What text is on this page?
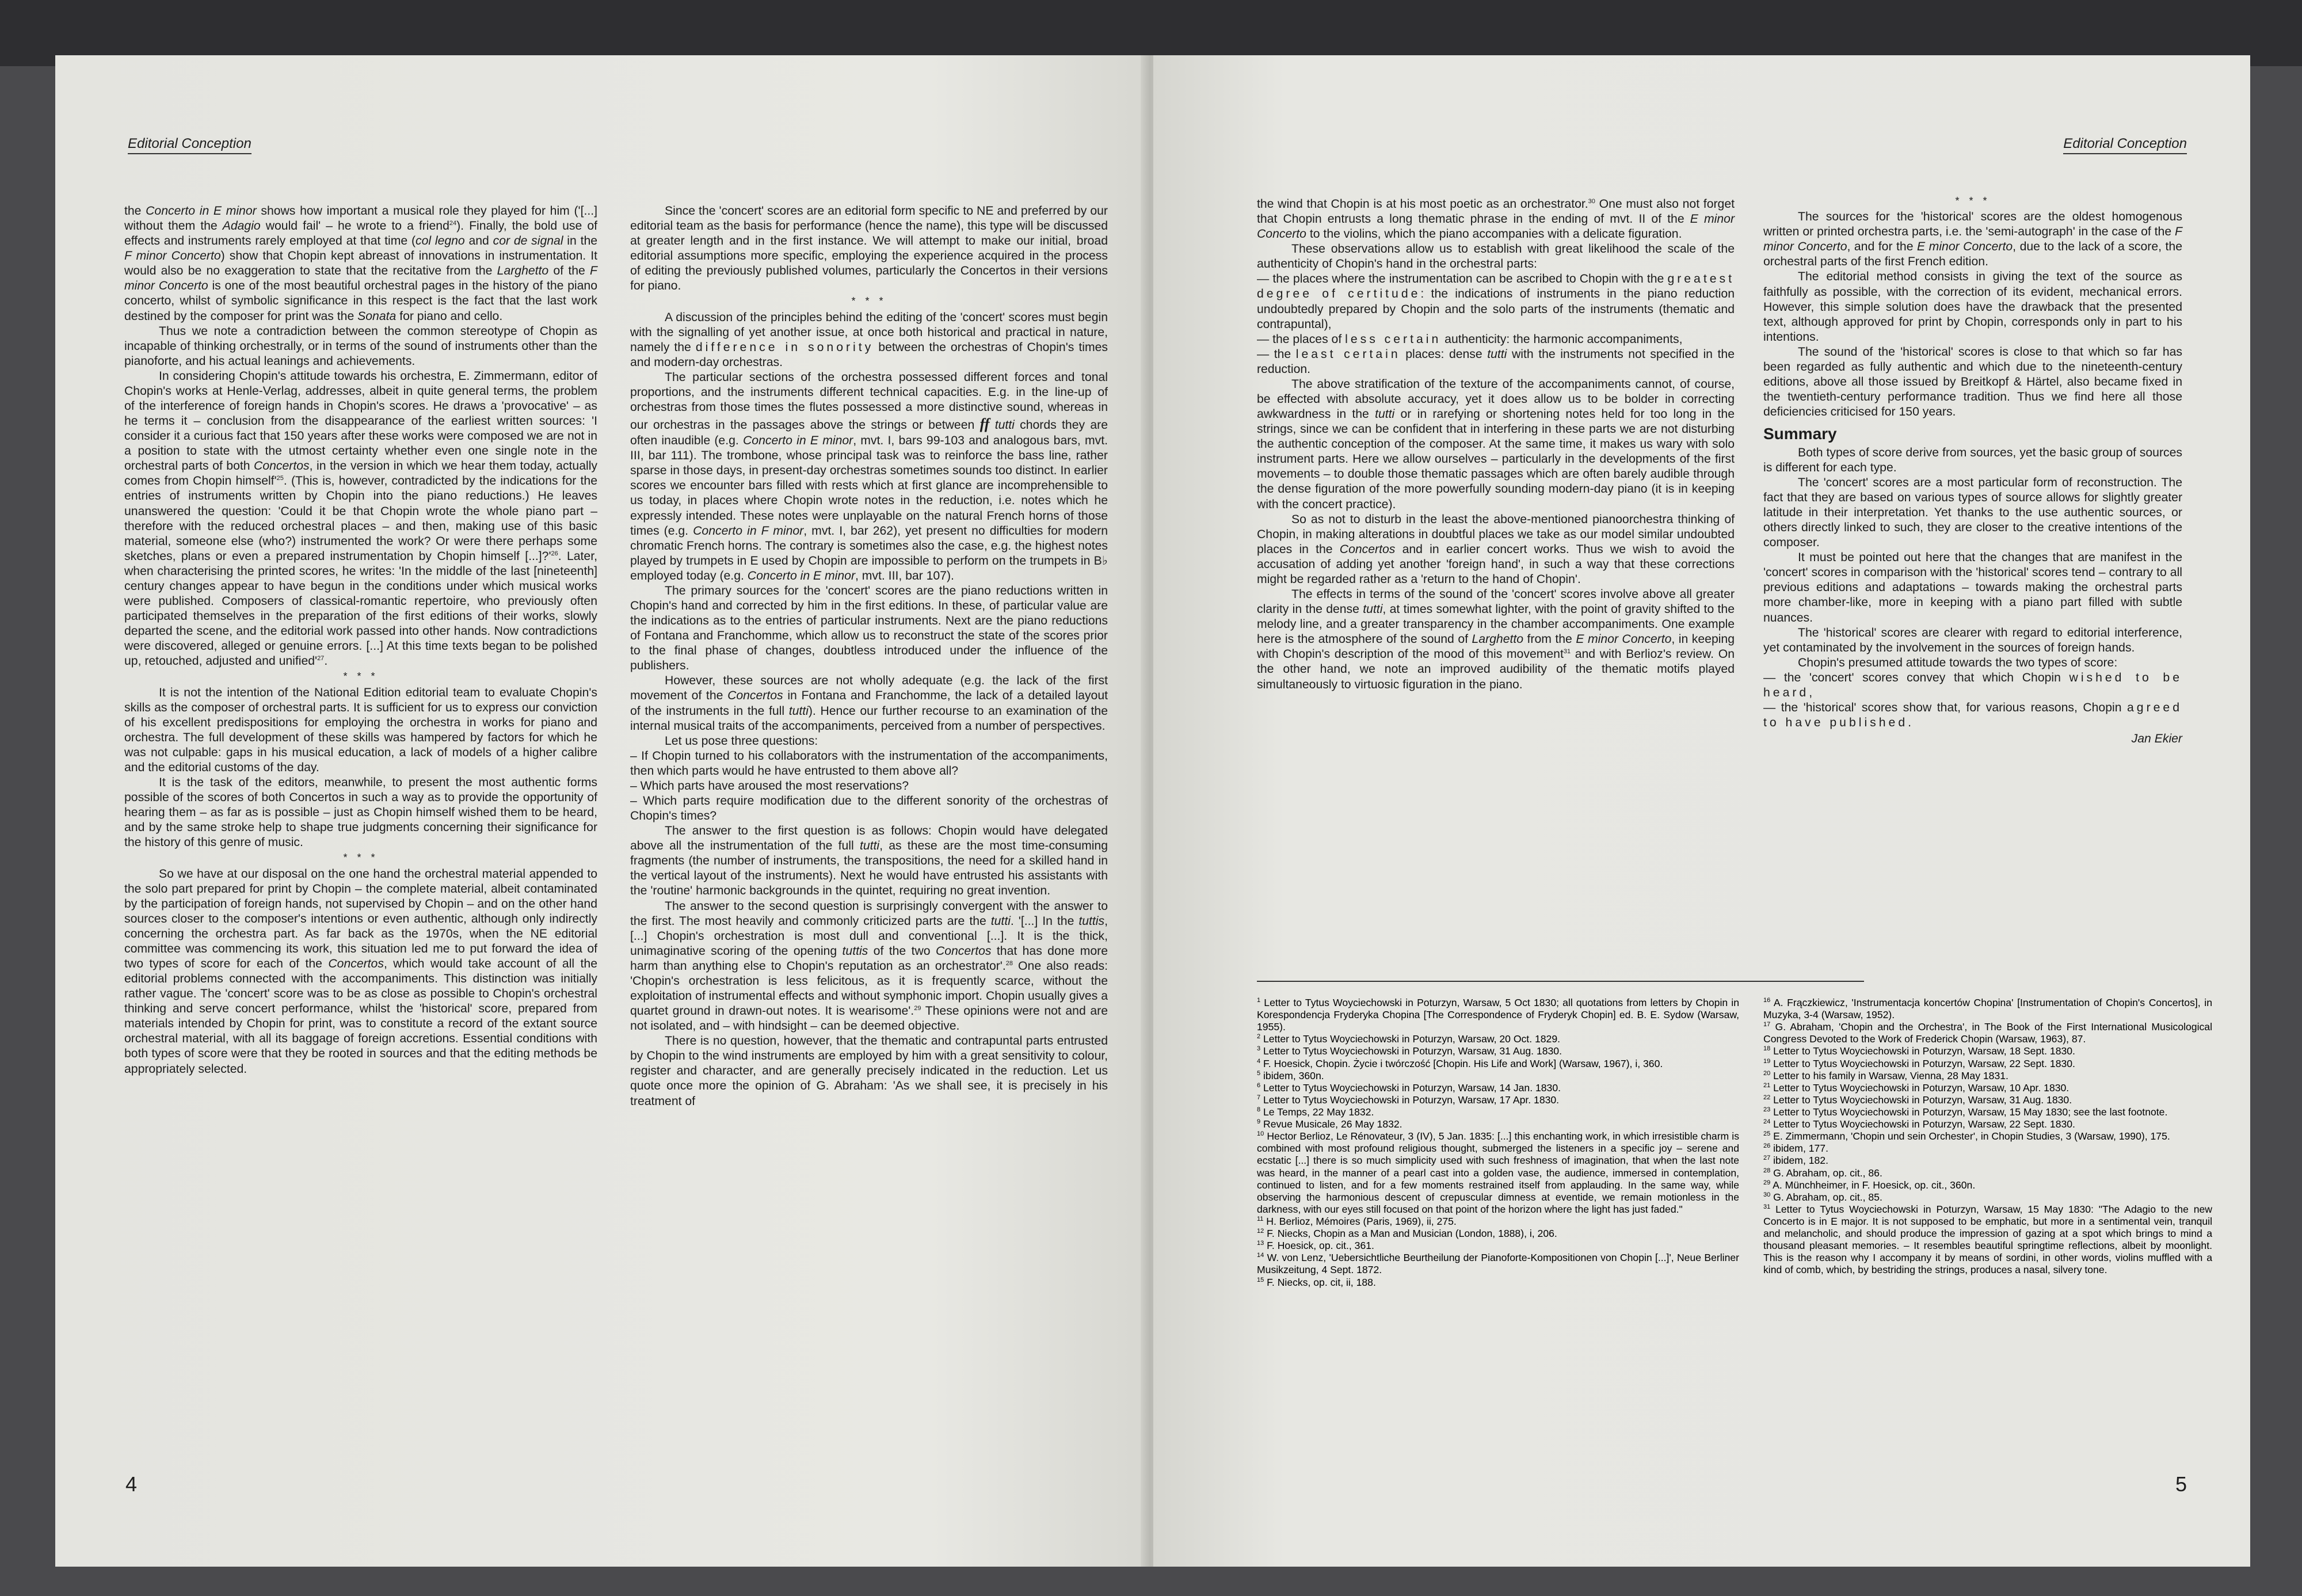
Editorial Conception

the Concerto in E minor shows how important a musical role they played for him ('[...] without them the Adagio would fail' – he wrote to a friend$^{24}$). Finally, the bold use of effects and instruments rarely employed at that time (col legno and cor de signal in the F minor Concerto) show that Chopin kept abreast of innovations in instrumentation. It would also be no exaggeration to state that the recitative from the Larghetto of the F minor Concerto is one of the most beautiful orchestral pages in the history of the piano concerto, whilst of symbolic significance in this respect is the fact that the last work destined by the composer for print was the Sonata for piano and cello.

Thus we note a contradiction between the common stereotype of Chopin as incapable of thinking orchestrally, or in terms of the sound of instruments other than the pianoforte, and his actual leanings and achievements.

In considering Chopin's attitude towards his orchestra, E. Zimmermann, editor of Chopin's works at Henle-Verlag, addresses, albeit in quite general terms, the problem of the interference of foreign hands in Chopin's scores. He draws a 'provocative' – as he terms it – conclusion from the disappearance of the earliest written sources: 'I consider it a curious fact that 150 years after these works were composed we are not in a position to state with the utmost certainty whether even one single note in the orchestral parts of both Concertos, in the version in which we hear them today, actually comes from Chopin $himself'^{25}$. (This is, however, contradicted by the indications for the entries of instruments written by Chopin into the piano reductions.) He leaves unanswered the question: 'Could it be that Chopin wrote the whole piano part – therefore with the reduced orchestral places – and then, making use of this basic material, someone else (who?) instrumented the work? Or were there perhaps some sketches, plans or even a prepared instrumentation by Chopin himself $[...]?'^{26}$. Later, when characterising the printed scores, he writes: 'In the middle of the last [nineteenth] century changes appear to have begun in the conditions under which musical works were published. Composers of classical-romantic repertoire, who previously often participated themselves in the preparation of the first editions of their works, slowly departed the scene, and the editorial work passed into other hands. Now contradictions were discovered, alleged or genuine errors. [...] At this time texts began to be polished up, retouched, adjusted and $unified'^{27}$.

* * *

It is not the intention of the National Edition editorial team to evaluate Chopin's skills as the composer of orchestral parts. It is sufficient for us to express our conviction of his excellent predispositions for employing the orchestra in works for piano and orchestra. The full development of these skills was hampered by factors for which he was not culpable: gaps in his musical education, a lack of models of a higher calibre and the editorial customs of the day.

It is the task of the editors, meanwhile, to present the most authentic forms possible of the scores of both Concertos in such a way as to provide the opportunity of hearing them – as far as is possible – just as Chopin himself wished them to be heard, and by the same stroke help to shape true judgments concerning their significance for the history of this genre of music.

* * *

So we have at our disposal on the one hand the orchestral material appended to the solo part prepared for print by Chopin – the complete material, albeit contaminated by the participation of foreign hands, not supervised by Chopin – and on the other hand sources closer to the composer's intentions or even authentic, although only indirectly concerning the orchestra part. As far back as the 1970s, when the NE editorial committee was commencing its work, this situation led me to put forward the idea of two types of score for each of the Concertos, which would take account of all the editorial problems connected with the accompaniments. This distinction was initially rather vague. The 'concert' score was to be as close as possible to Chopin's orchestral thinking and serve concert performance, whilst the 'historical' score, prepared from materials intended by Chopin for print, was to constitute a record of the extant source orchestral material, with all its baggage of foreign accretions. Essential conditions with both types of score were that they be rooted in sources and that the editing methods be appropriately selected.

Since the 'concert' scores are an editorial form specific to NE and preferred by our editorial team as the basis for performance (hence the name), this type will be discussed at greater length and in the first instance. We will attempt to make our initial, broad editorial assumptions more specific, employing the experience acquired in the process of editing the previously published volumes, particularly the Concertos in their versions for piano.

* * *

A discussion of the principles behind the editing of the 'concert' scores must begin with the signalling of yet another issue, at once both historical and practical in nature, namely the difference in sonority between the orchestras of Chopin's times and modern-day orchestras.

The particular sections of the orchestra possessed different forces and tonal proportions, and the instruments different technical capacities. E.g. in the line-up of orchestras from those times the flutes possessed a more distinctive sound, whereas in our orchestras in the passages above the strings or between ff tutti chords they are often inaudible (e.g. Concerto in E minor, mvt. I, bars 99-103 and analogous bars, mvt. III, bar 111). The trombone, whose principal task was to reinforce the bass line, rather sparse in those days, in present-day orchestras sometimes sounds too distinct. In earlier scores we encounter bars filled with rests which at first glance are incomprehensible to us today, in places where Chopin wrote notes in the reduction, i.e. notes which he expressly intended. These notes were unplayable on the natural French horns of those times (e.g. Concerto in F minor, mvt. I, bar 262), yet present no difficulties for modern chromatic French horns. The contrary is sometimes also the case, e.g. the highest notes played by trumpets in E used by Chopin are impossible to perform on the trumpets in B♭ employed today (e.g. Concerto in E minor, mvt. III, bar 107).

The primary sources for the 'concert' scores are the piano reductions written in Chopin's hand and corrected by him in the first editions. In these, of particular value are the indications as to the entries of particular instruments. Next are the piano reductions of Fontana and Franchomme, which allow us to reconstruct the state of the scores prior to the final phase of changes, doubtless introduced under the influence of the publishers.

However, these sources are not wholly adequate (e.g. the lack of the first movement of the Concertos in Fontana and Franchomme, the lack of a detailed layout of the instruments in the full tutti). Hence our further recourse to an examination of the internal musical traits of the accompaniments, perceived from a number of perspectives.

Let us pose three questions:

– If Chopin turned to his collaborators with the instrumentation of the accompaniments, then which parts would he have entrusted to them above all?

– Which parts have aroused the most reservations?

– Which parts require modification due to the different sonority of the orchestras of Chopin's times?

The answer to the first question is as follows: Chopin would have delegated above all the instrumentation of the full tutti, as these are the most time-consuming fragments (the number of instruments, the transpositions, the need for a skilled hand in the vertical layout of the instruments). Next he would have entrusted his assistants with the 'routine' harmonic backgrounds in the quintet, requiring no great invention.

The answer to the second question is surprisingly convergent with the answer to the first. The most heavily and commonly criticized parts are the tutti. '[...] In the tuttis, [...] Chopin's orchestration is most dull and conventional [...]. It is the thick, unimaginative scoring of the opening tuttis of the two Concertos that has done more harm than anything else to Chopin's reputation as an orchestrator'.$^{28}$ One also reads: 'Chopin's orchestration is less felicitous, as it is frequently scarce, without the exploitation of instrumental effects and without symphonic import. Chopin usually gives a quartet ground in drawn-out notes. It is wearisome'.$^{29}$ These opinions were not and are not isolated, and – with hindsight – can be deemed objective.

There is no question, however, that the thematic and contrapuntal parts entrusted by Chopin to the wind instruments are employed by him with a great sensitivity to colour, register and character, and are generally precisely indicated in the reduction. Let us quote once more the opinion of G. Abraham: 'As we shall see, it is precisely in his treatment of

4
Editorial Conception

the wind that Chopin is at his most poetic as an orchestrator.$^{30}$ One must also not forget that Chopin entrusts a long thematic phrase in the ending of mvt. II of the E minor Concerto to the violins, which the piano accompanies with a delicate figuration.

These observations allow us to establish with great likelihood the scale of the authenticity of Chopin's hand in the orchestral parts:

— the places where the instrumentation can be ascribed to Chopin with the greatest degree of certitude: the indications of instruments in the piano reduction undoubtedly prepared by Chopin and the solo parts of the instruments (thematic and contrapuntal),

— the places of less certain authenticity: the harmonic accompaniments,

— the least certain places: dense tutti with the instruments not specified in the reduction.

The above stratification of the texture of the accompaniments cannot, of course, be effected with absolute accuracy, yet it does allow us to be bolder in correcting awkwardness in the tutti or in rarefying or shortening notes held for too long in the strings, since we can be confident that in interfering in these parts we are not disturbing the authentic conception of the composer. At the same time, it makes us wary with solo instrument parts. Here we allow ourselves – particularly in the developments of the first movements – to double those thematic passages which are often barely audible through the dense figuration of the more powerfully sounding modern-day piano (it is in keeping with the concert practice).

So as not to disturb in the least the above-mentioned pianoorchestra thinking of Chopin, in making alterations in doubtful places we take as our model similar undoubted places in the Concertos and in earlier concert works. Thus we wish to avoid the accusation of adding yet another 'foreign hand', in such a way that these corrections might be regarded rather as a 'return to the hand of Chopin'.

The effects in terms of the sound of the 'concert' scores involve above all greater clarity in the dense tutti, at times somewhat lighter, with the point of gravity shifted to the melody line, and a greater transparency in the chamber accompaniments. One example here is the atmosphere of the sound of Larghetto from the E minor Concerto, in keeping with Chopin's description of the mood of this movement$^{31}$ and with Berlioz's review. On the other hand, we note an improved audibility of the thematic motifs played simultaneously to virtuosic figuration in the piano.

* * *

The sources for the 'historical' scores are the oldest homogenous written or printed orchestra parts, i.e. the 'semi-autograph' in the case of the F minor Concerto, and for the E minor Concerto, due to the lack of a score, the orchestral parts of the first French edition.

The editorial method consists in giving the text of the source as faithfully as possible, with the correction of its evident, mechanical errors. However, this simple solution does have the drawback that the presented text, although approved for print by Chopin, corresponds only in part to his intentions.

The sound of the 'historical' scores is close to that which so far has been regarded as fully authentic and which due to the nineteenth-century editions, above all those issued by Breitkopf & Härtel, also became fixed in the twentieth-century performance tradition. Thus we find here all those deficiencies criticised for 150 years.

Summary

Both types of score derive from sources, yet the basic group of sources is different for each type.

The 'concert' scores are a most particular form of reconstruction. The fact that they are based on various types of source allows for slightly greater latitude in their interpretation. Yet thanks to the use authentic sources, or others directly linked to such, they are closer to the creative intentions of the composer.

It must be pointed out here that the changes that are manifest in the 'concert' scores in comparison with the 'historical' scores tend – contrary to all previous editions and adaptations – towards making the orchestral parts more chamber-like, more in keeping with a piano part filled with subtle nuances.

The 'historical' scores are clearer with regard to editorial interference, yet contaminated by the involvement in the sources of foreign hands.

Chopin's presumed attitude towards the two types of score:

— the 'concert' scores convey that which Chopin wished to be heard,

— the 'historical' scores show that, for various reasons, Chopin agreed to have published.

Jan Ekier
5
$^1$ Letter to Tytus Woyciechowski in Poturzyn, Warsaw, 5 Oct 1830; all quotations from letters by Chopin in Korespondencja Fryderyka Chopina [The Correspondence of Fryderyk Chopin] ed. B. E. Sydow (Warsaw, 1955).
$^2$ Letter to Tytus Woyciechowski in Poturzyn, Warsaw, 20 Oct. 1829.
$^3$ Letter to Tytus Woyciechowski in Poturzyn, Warsaw, 31 Aug. 1830.
$^4$ F. Hoesick, Chopin. Życie i twórczość [Chopin. His Life and Work] (Warsaw, 1967), i, 360.
$^5$ ibidem, 360n.
$^6$ Letter to Tytus Woyciechowski in Poturzyn, Warsaw, 14 Jan. 1830.
$^7$ Letter to Tytus Woyciechowski in Poturzyn, Warsaw, 17 Apr. 1830.
$^8$ Le Temps, 22 May 1832.
$^9$ Revue Musicale, 26 May 1832.
$^{10}$ Hector Berlioz, Le Rénovateur, 3 (IV), 5 Jan. 1835: [...] this enchanting work, in which irresistible charm is combined with most profound religious thought, submerged the listeners in a specific joy – serene and ecstatic [...] there is so much simplicity used with such freshness of imagination, that when the last note was heard, in the manner of a pearl cast into a golden vase, the audience, immersed in contemplation, continued to listen, and for a few moments restrained itself from applauding. In the same way, while observing the harmonious descent of crepuscular dimness at eventide, we remain motionless in the darkness, with our eyes still focused on that point of the horizon where the light has just faded."
$^{11}$ H. Berlioz, Mémoires (Paris, 1969), ii, 275.
$^{12}$ F. Niecks, Chopin as a Man and Musician (London, 1888), i, 206.
$^{13}$ F. Hoesick, op. cit., 361.
$^{14}$ W. von Lenz, 'Uebersichtliche Beurtheilung der Pianoforte-Kompositionen von Chopin [...]', Neue Berliner Musikzeitung, 4 Sept. 1872.
$^{15}$ F. Niecks, op. cit, ii, 188.
$^{16}$ A. Frączkiewicz, 'Instrumentacja koncertów Chopina' [Instrumentation of Chopin's Concertos], in Muzyka, 3-4 (Warsaw, 1952).
$^{17}$ G. Abraham, 'Chopin and the Orchestra', in The Book of the First International Musicological Congress Devoted to the Work of Frederick Chopin (Warsaw, 1963), 87.
$^{18}$ Letter to Tytus Woyciechowski in Poturzyn, Warsaw, 18 Sept. 1830.
$^{19}$ Letter to Tytus Woyciechowski in Poturzyn, Warsaw, 22 Sept. 1830.
$^{20}$ Letter to his family in Warsaw, Vienna, 28 May 1831.
$^{21}$ Letter to Tytus Woyciechowski in Poturzyn, Warsaw, 10 Apr. 1830.
$^{22}$ Letter to Tytus Woyciechowski in Poturzyn, Warsaw, 31 Aug. 1830.
$^{23}$ Letter to Tytus Woyciechowski in Poturzyn, Warsaw, 15 May 1830; see the last footnote.
$^{24}$ Letter to Tytus Woyciechowski in Poturzyn, Warsaw, 22 Sept. 1830.
$^{25}$ E. Zimmermann, 'Chopin und sein Orchester', in Chopin Studies, 3 (Warsaw, 1990), 175.
$^{26}$ ibidem, 177.
$^{27}$ ibidem, 182.
$^{28}$ G. Abraham, op. cit., 86.
$^{29}$ A. Münchheimer, in F. Hoesick, op. cit., 360n.
$^{30}$ G. Abraham, op. cit., 85.
$^{31}$ Letter to Tytus Woyciechowski in Poturzyn, Warsaw, 15 May 1830: "The Adagio to the new Concerto is in E major. It is not supposed to be emphatic, but more in a sentimental vein, tranquil and melancholic, and should produce the impression of gazing at a spot which brings to mind a thousand pleasant memories. – It resembles beautiful springtime reflections, albeit by moonlight. This is the reason why I accompany it by means of sordini, in other words, violins muffled with a kind of comb, which, by bestriding the strings, produces a nasal, silvery tone.
